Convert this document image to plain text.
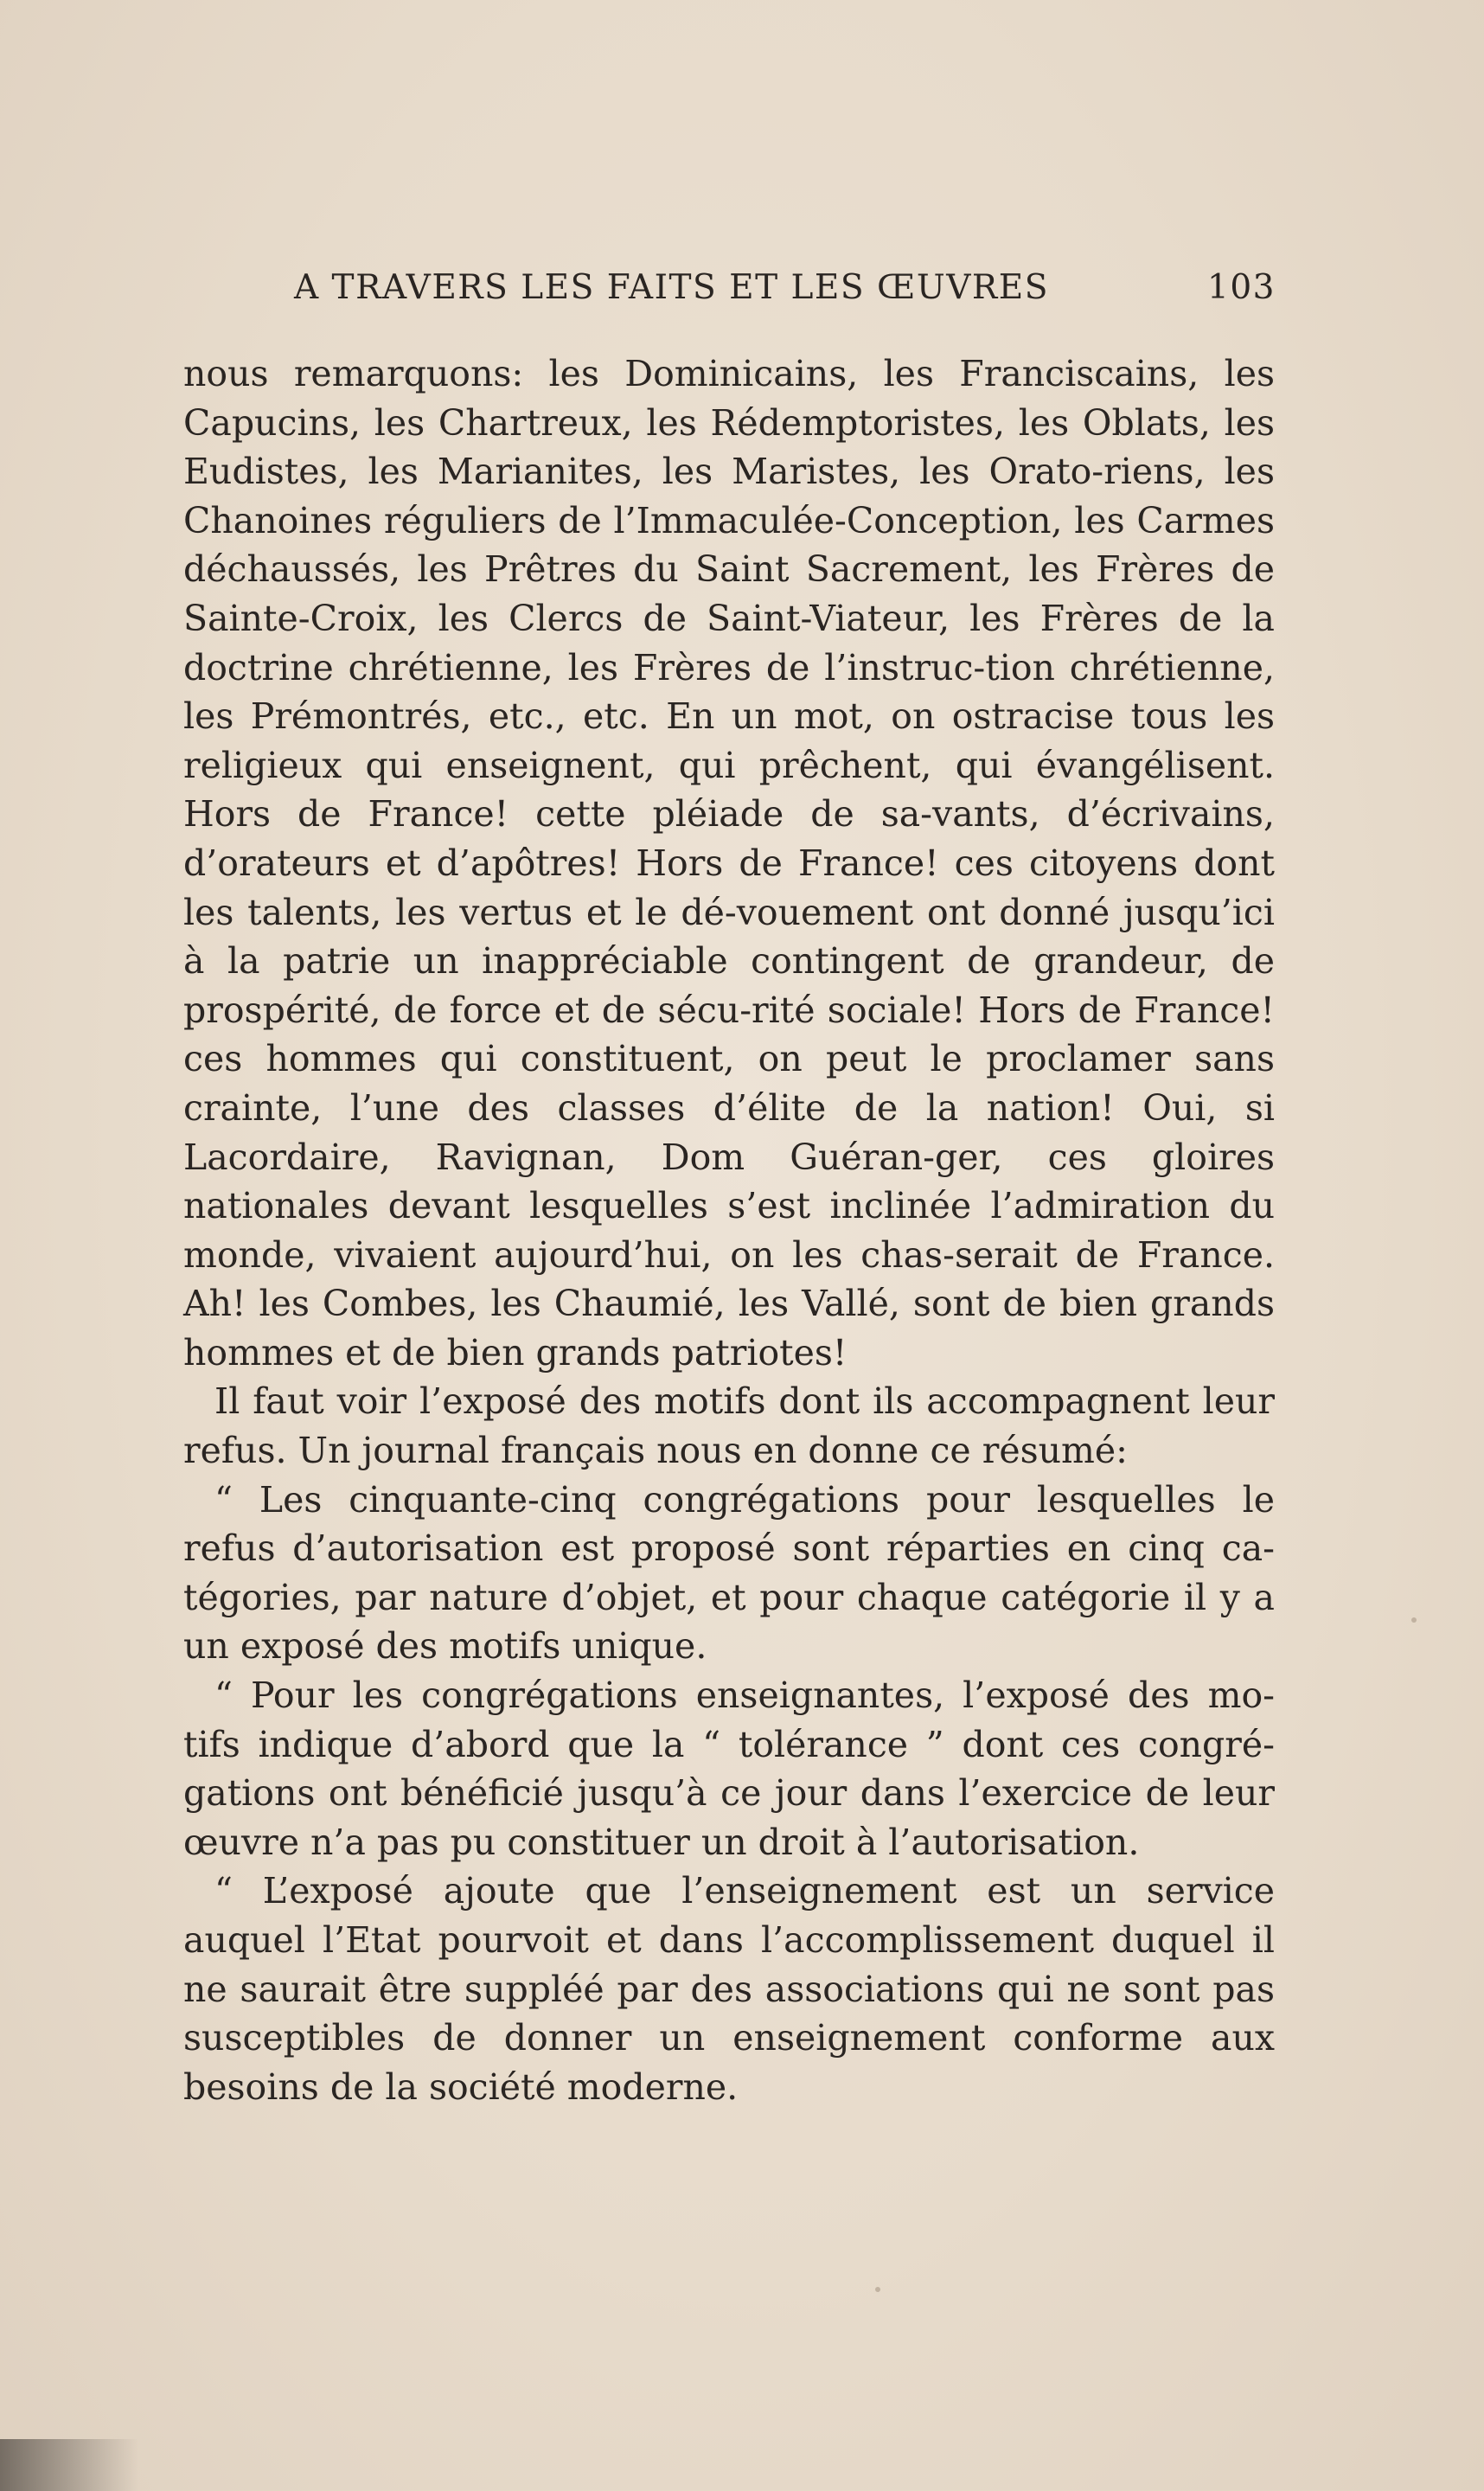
A TRAVERS LES FAITS ET LES ŒUVRES	103

nous remarquons: les Dominicains, les Franciscains, les Capucins, les Chartreux, les Rédemptoristes, les Oblats, les Eudistes, les Marianites, les Maristes, les Orato-riens, les Chanoines réguliers de l’Immaculée-Conception, les Carmes déchaussés, les Prêtres du Saint Sacrement, les Frères de Sainte-Croix, les Clercs de Saint-Viateur, les Frères de la doctrine chrétienne, les Frères de l’instruc-tion chrétienne, les Prémontrés, etc., etc. En un mot, on ostracise tous les religieux qui enseignent, qui prêchent, qui évangélisent. Hors de France! cette pléiade de sa-vants, d’écrivains, d’orateurs et d’apôtres! Hors de France! ces citoyens dont les talents, les vertus et le dé-vouement ont donné jusqu’ici à la patrie un inappréciable contingent de grandeur, de prospérité, de force et de sécu-rité sociale! Hors de France! ces hommes qui constituent, on peut le proclamer sans crainte, l’une des classes d’élite de la nation! Oui, si Lacordaire, Ravignan, Dom Guéran-ger, ces gloires nationales devant lesquelles s’est inclinée l’admiration du monde, vivaient aujourd’hui, on les chas-serait de France. Ah! les Combes, les Chaumié, les Vallé, sont de bien grands hommes et de bien grands patriotes!

Il faut voir l’exposé des motifs dont ils accompagnent leur refus. Un journal français nous en donne ce résumé:

“ Les cinquante-cinq congrégations pour lesquelles le refus d’autorisation est proposé sont réparties en cinq ca-tégories, par nature d’objet, et pour chaque catégorie il y a un exposé des motifs unique.

“ Pour les congrégations enseignantes, l’exposé des mo-tifs indique d’abord que la “ tolérance ” dont ces congré-gations ont bénéficié jusqu’à ce jour dans l’exercice de leur œuvre n’a pas pu constituer un droit à l’autorisation.

“ L’exposé ajoute que l’enseignement est un service auquel l’Etat pourvoit et dans l’accomplissement duquel il ne saurait être suppléé par des associations qui ne sont pas susceptibles de donner un enseignement conforme aux besoins de la société moderne.
